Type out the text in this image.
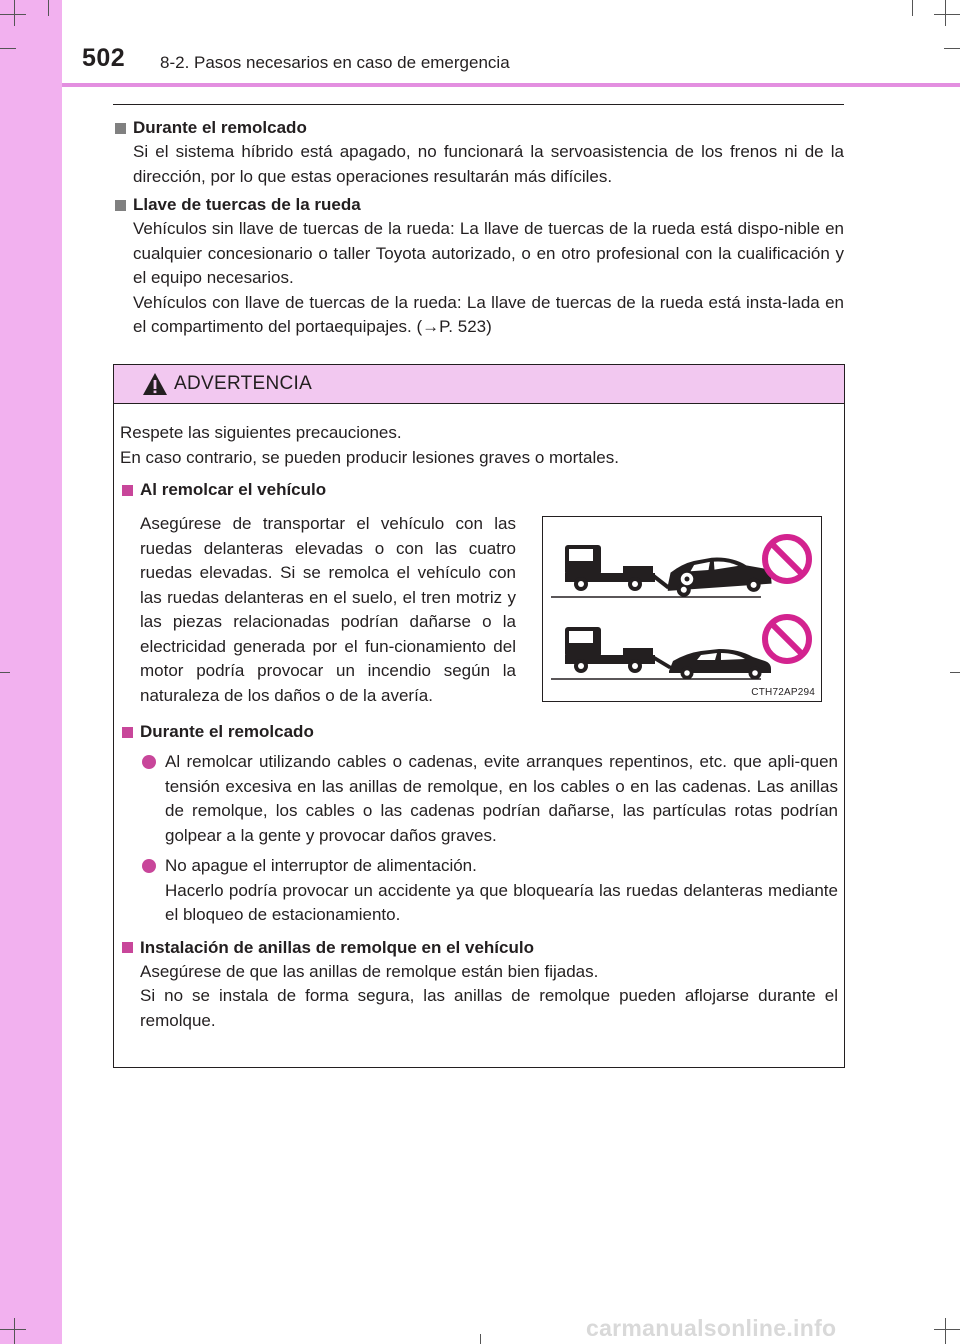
502 8-2. Pasos necesarios en caso de emergencia
Durante el remolcado

Si el sistema híbrido está apagado, no funcionará la servoasistencia de los frenos ni de la dirección, por lo que estas operaciones resultarán más difíciles.

Llave de tuercas de la rueda

Vehículos sin llave de tuercas de la rueda: La llave de tuercas de la rueda está dispo-nible en cualquier concesionario o taller Toyota autorizado, o en otro profesional con la cualificación y el equipo necesarios.

Vehículos con llave de tuercas de la rueda: La llave de tuercas de la rueda está insta-lada en el compartimento del portaequipajes. (→P. 523)

ADVERTENCIA

Respete las siguientes precauciones.

En caso contrario, se pueden producir lesiones graves o mortales.

Al remolcar el vehículo
Asegúrese de transportar el vehículo con las ruedas delanteras elevadas o con las cuatro ruedas elevadas. Si se remolca el vehículo con las ruedas delanteras en el suelo, el tren motriz y las piezas relacionadas podrían dañarse o la electricidad generada por el fun-cionamiento del motor podría provocar un incendio según la naturaleza de los daños o de la avería.	CTH72AP294
Durante el remolcado

Al remolcar utilizando cables o cadenas, evite arranques repentinos, etc. que apli-quen tensión excesiva en las anillas de remolque, en los cables o en las cadenas. Las anillas de remolque, los cables o las cadenas podrían dañarse, las partículas rotas podrían golpear a la gente y provocar daños graves.

No apague el interruptor de alimentación.

Hacerlo podría provocar un accidente ya que bloquearía las ruedas delanteras mediante el bloqueo de estacionamiento.

Instalación de anillas de remolque en el vehículo

Asegúrese de que las anillas de remolque están bien fijadas.

Si no se instala de forma segura, las anillas de remolque pueden aflojarse durante el remolque.

carmanualsonline.info
